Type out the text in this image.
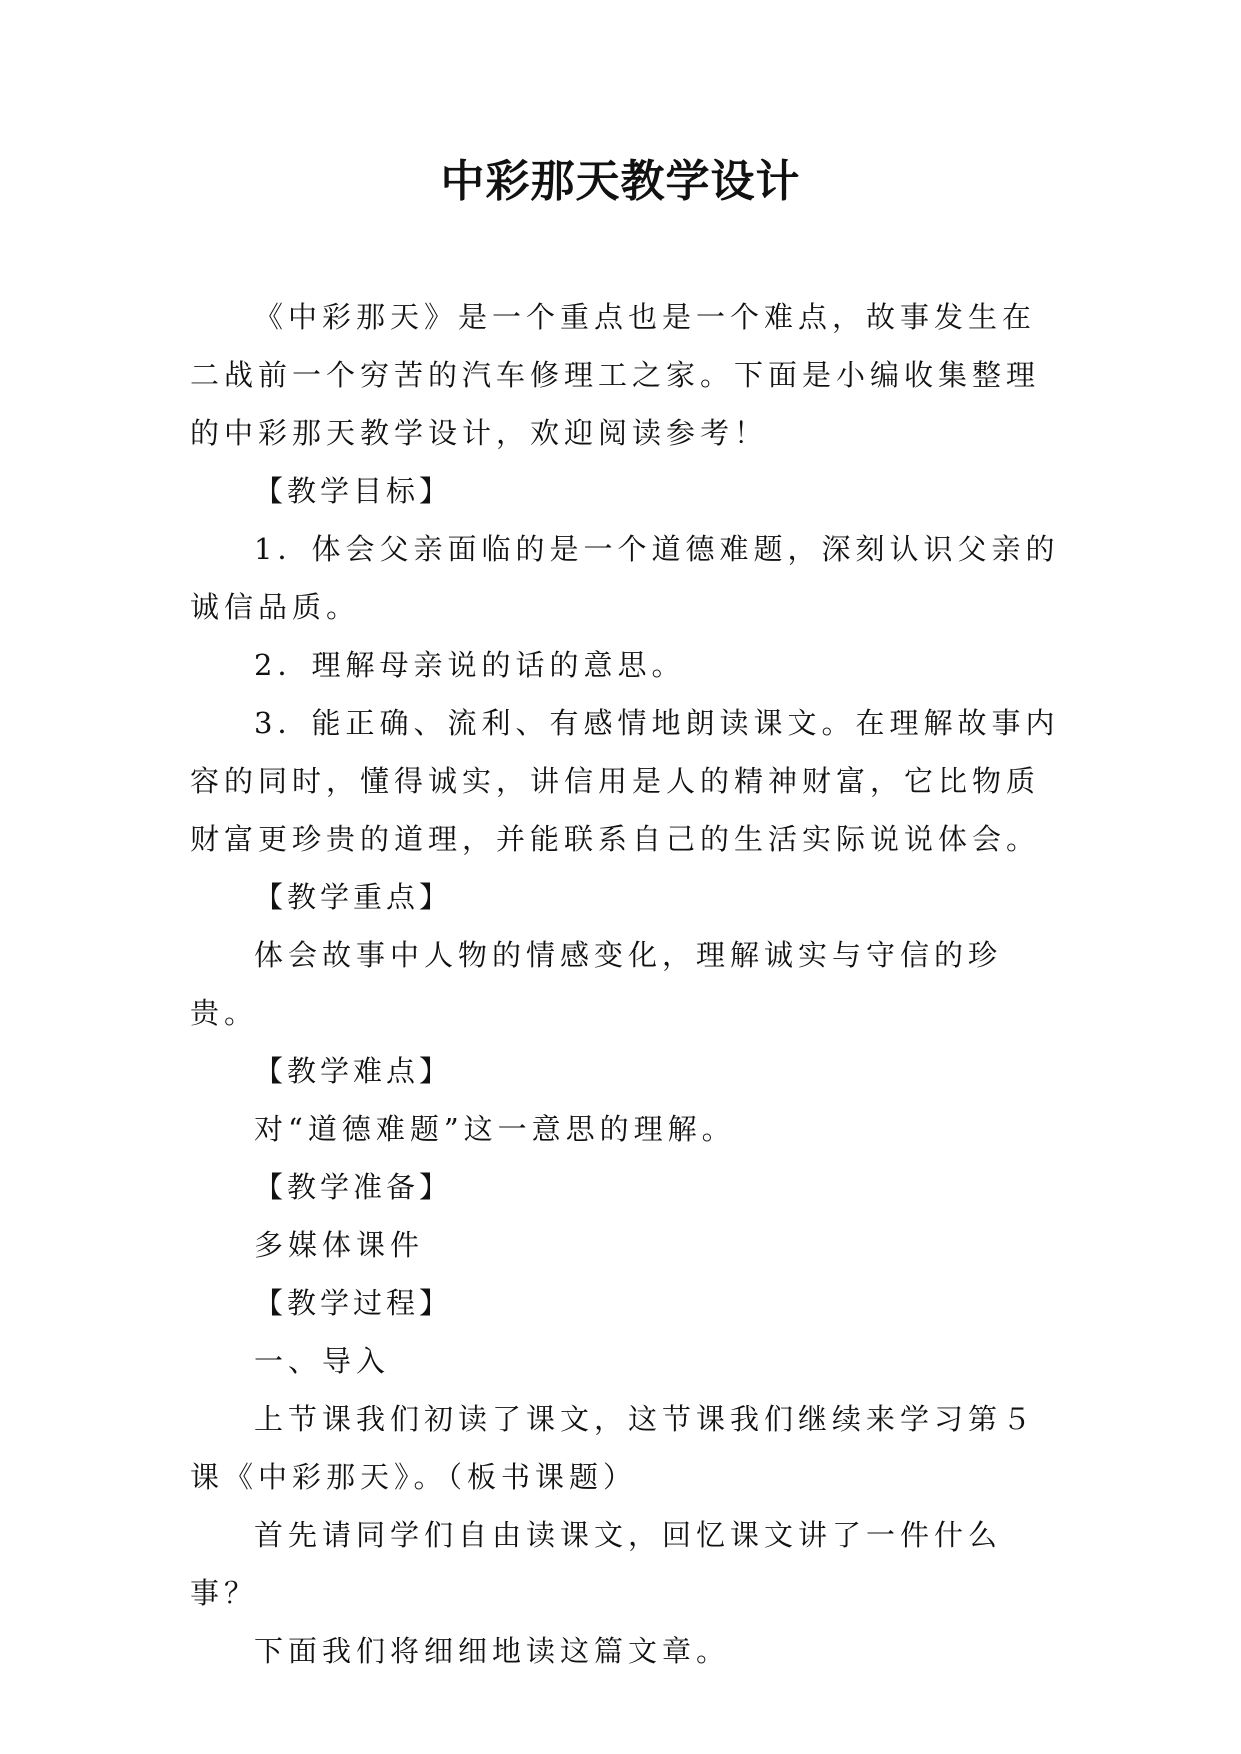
中彩那天教学设计

《中彩那天》是一个重点也是一个难点，故事发生在二战前一个穷苦的汽车修理工之家。下面是小编收集整理的中彩那天教学设计，欢迎阅读参考！

【教学目标】

1．体会父亲面临的是一个道德难题，深刻认识父亲的诚信品质。

2．理解母亲说的话的意思。

3．能正确、流利、有感情地朗读课文。在理解故事内容的同时，懂得诚实，讲信用是人的精神财富，它比物质财富更珍贵的道理，并能联系自己的生活实际说说体会。

【教学重点】

体会故事中人物的情感变化，理解诚实与守信的珍贵。

【教学难点】

对“道德难题”这一意思的理解。

【教学准备】

多媒体课件

【教学过程】

一、导入

上节课我们初读了课文，这节课我们继续来学习第５课《中彩那天》。（板书课题）

首先请同学们自由读课文，回忆课文讲了一件什么事？

下面我们将细细地读这篇文章。
